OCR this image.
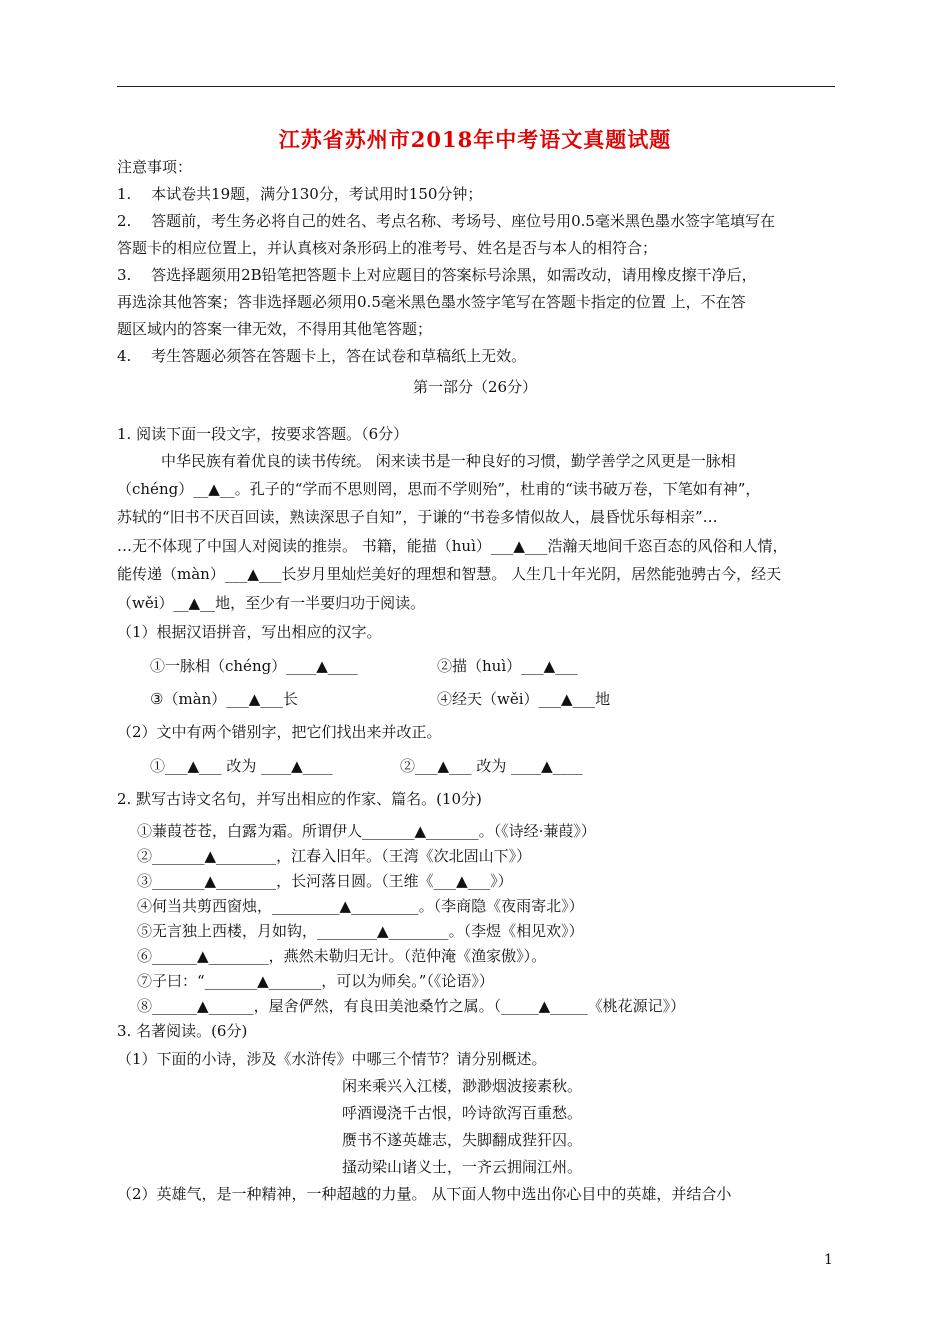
江苏省苏州市2018年中考语文真题试题
注意事项：
1.　 本试卷共19题，满分130分，考试用时150分钟；
2.　 答题前，考生务必将自己的姓名、考点名称、考场号、座位号用0.5毫米黑色墨水签字笔填写在
答题卡的相应位置上，并认真核对条形码上的准考号、姓名是否与本人的相符合；
3.　 答选择题须用2B铅笔把答题卡上对应题目的答案标号涂黑，如需改动，请用橡皮擦干净后，
再选涂其他答案；答非选择题必须用0.5毫米黑色墨水签字笔写在答题卡指定的位置 上，不在答
题区域内的答案一律无效，不得用其他笔答题；
4.　 考生答题必须答在答题卡上，答在试卷和草稿纸上无效。
第一部分（26分）
1. 阅读下面一段文字，按要求答题。（6分）
中华民族有着优良的读书传统。 闲来读书是一种良好的习惯，勤学善学之风更是一脉相
（chéng）__▲__。孔子的“学而不思则罔，思而不学则殆”，杜甫的“读书破万卷，下笔如有神”，
苏轼的“旧书不厌百回读，熟读深思子自知”，于谦的“书卷多情似故人，晨昏忧乐每相亲”…
…无不体现了中国人对阅读的推崇。 书籍，能描（huì）___▲___浩瀚天地间千恣百态的风俗和人情，
能传递（màn）___▲___长岁月里灿烂美好的理想和智慧。 人生几十年光阴，居然能弛骋古今，经天
（wěi）__▲__地，至少有一半要归功于阅读。
（1）根据汉语拼音，写出相应的汉字。
①一脉相（chéng）____▲____	②描（huì）___▲___
③（màn）___▲___长	④经天（wěi）___▲___地
（2）文中有两个错别字，把它们找出来并改正。
①___▲___ 改为 ____▲____	②___▲___ 改为 ____▲____
2. 默写古诗文名句，并写出相应的作家、篇名。(10分)
①蒹葭苍苍，白露为霜。所谓伊人_______▲_______。（《诗经·蒹葭》）
②_______▲________，江春入旧年。（王湾《次北固山下》）
③_______▲________，长河落日圆。（王维《___▲___》）
④何当共剪西窗烛，_________▲_________。（李商隐《夜雨寄北》）
⑤无言独上西楼，月如钩，________▲________。（李煜《相见欢》）
⑥______▲________，燕然未勒归无计。（范仲淹《渔家傲》）。
⑦子曰：“_______▲_______，可以为师矣。”（《论语》）
⑧______▲______，屋舍俨然，有良田美池桑竹之属。（_____▲_____《桃花源记》）
3. 名著阅读。(6分)
（1）下面的小诗，涉及《水浒传》中哪三个情节？请分别概述。
闲来乘兴入江楼，渺渺烟波接素秋。
呼酒谩浇千古恨，吟诗欲泻百重愁。
赝书不遂英雄志，失脚翻成狴犴囚。
搔动梁山诸义士，一齐云拥闹江州。
（2）英雄气，是一种精神，一种超越的力量。 从下面人物中选出你心目中的英雄，并结合小
1
